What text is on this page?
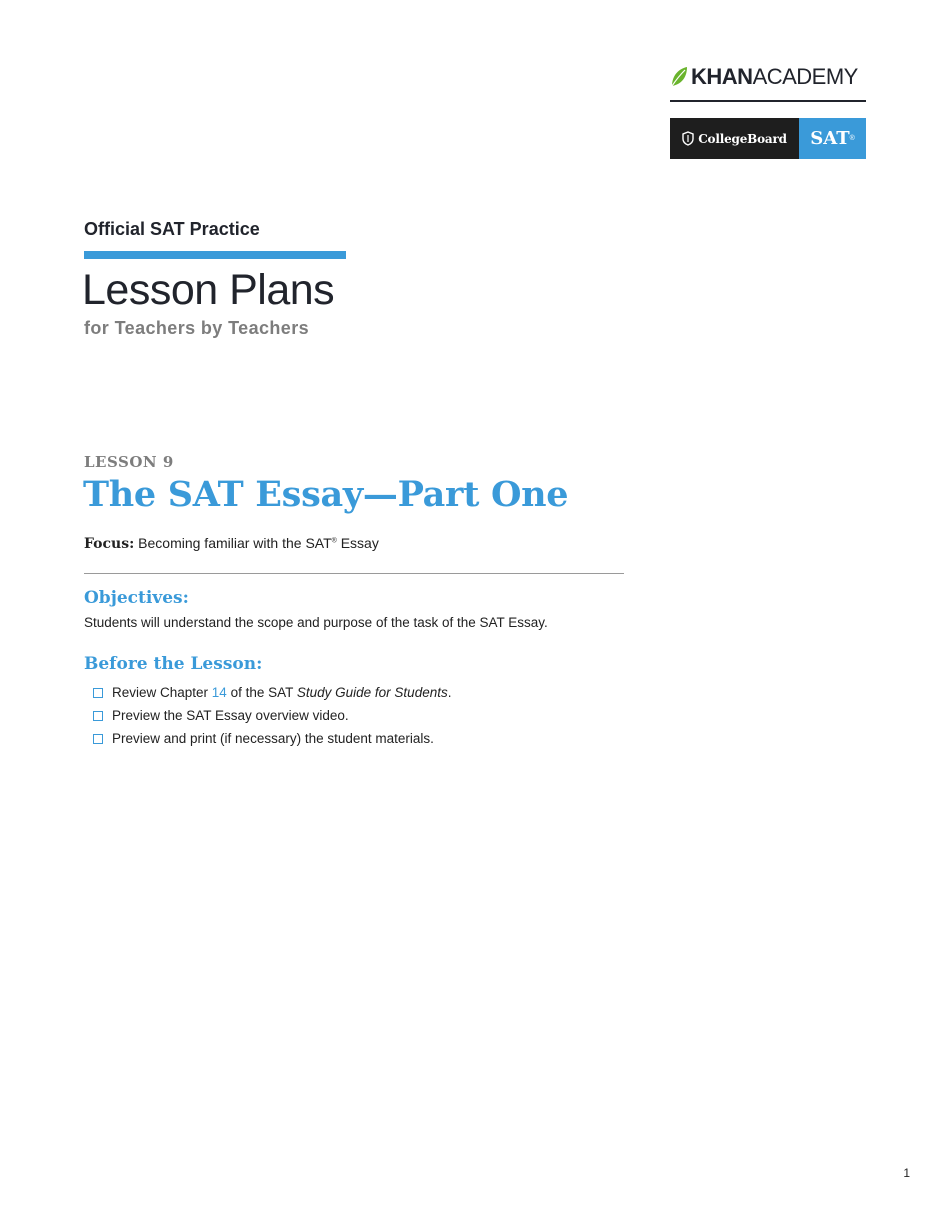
KHANACADEMY
CollegeBoard SAT ®
Official SAT Practice
Lesson Plans
for Teachers by Teachers
LESSON 9
The SAT Essay—Part One
Focus: Becoming familiar with the SAT® Essay
Objectives:
Students will understand the scope and purpose of the task of the SAT Essay.
Before the Lesson:
Review Chapter 14 of the SAT Study Guide for Students.
Preview the SAT Essay overview video.
Preview and print (if necessary) the student materials.
1
